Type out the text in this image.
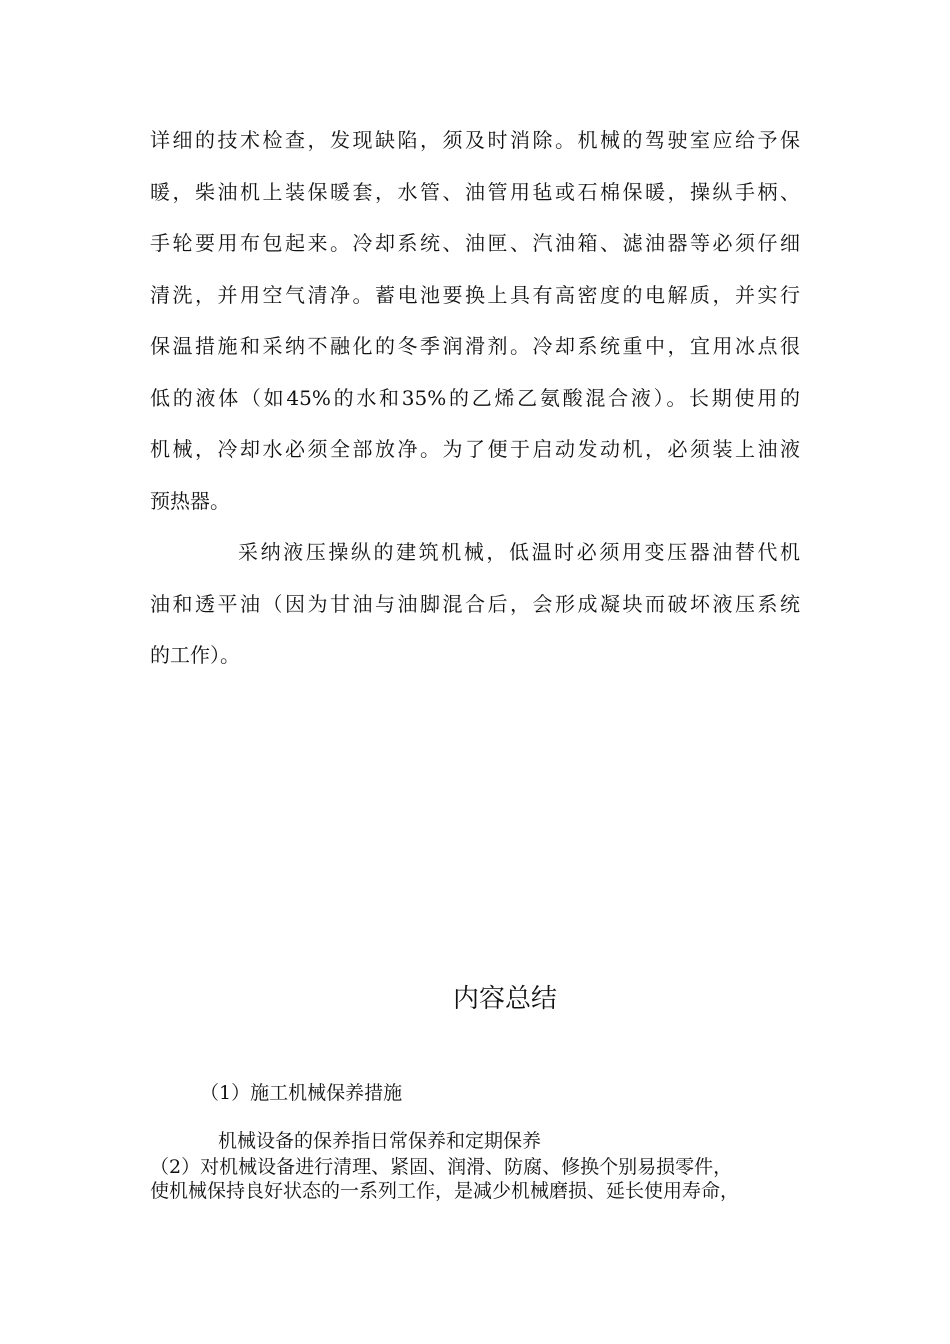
详细的技术检查，发现缺陷，须及时消除。机械的驾驶室应给予保
暖，柴油机上装保暖套，水管、油管用毡或石棉保暖，操纵手柄、
手轮要用布包起来。冷却系统、油匣、汽油箱、滤油器等必须仔细
清洗，并用空气清净。蓄电池要换上具有高密度的电解质，并实行
保温措施和采纳不融化的冬季润滑剂。冷却系统重中，宜用冰点很
低的液体（如45%的水和35%的乙烯乙氨酸混合液）。长期使用的
机械，冷却水必须全部放净。为了便于启动发动机，必须装上油液
预热器。
采纳液压操纵的建筑机械，低温时必须用变压器油替代机
油和透平油（因为甘油与油脚混合后，会形成凝块而破坏液压系统
的工作）。
内容总结
（1）施工机械保养措施
机械设备的保养指日常保养和定期保养
（2）对机械设备进行清理、紧固、润滑、防腐、修换个别易损零件，
使机械保持良好状态的一系列工作，是减少机械磨损、延长使用寿命，
